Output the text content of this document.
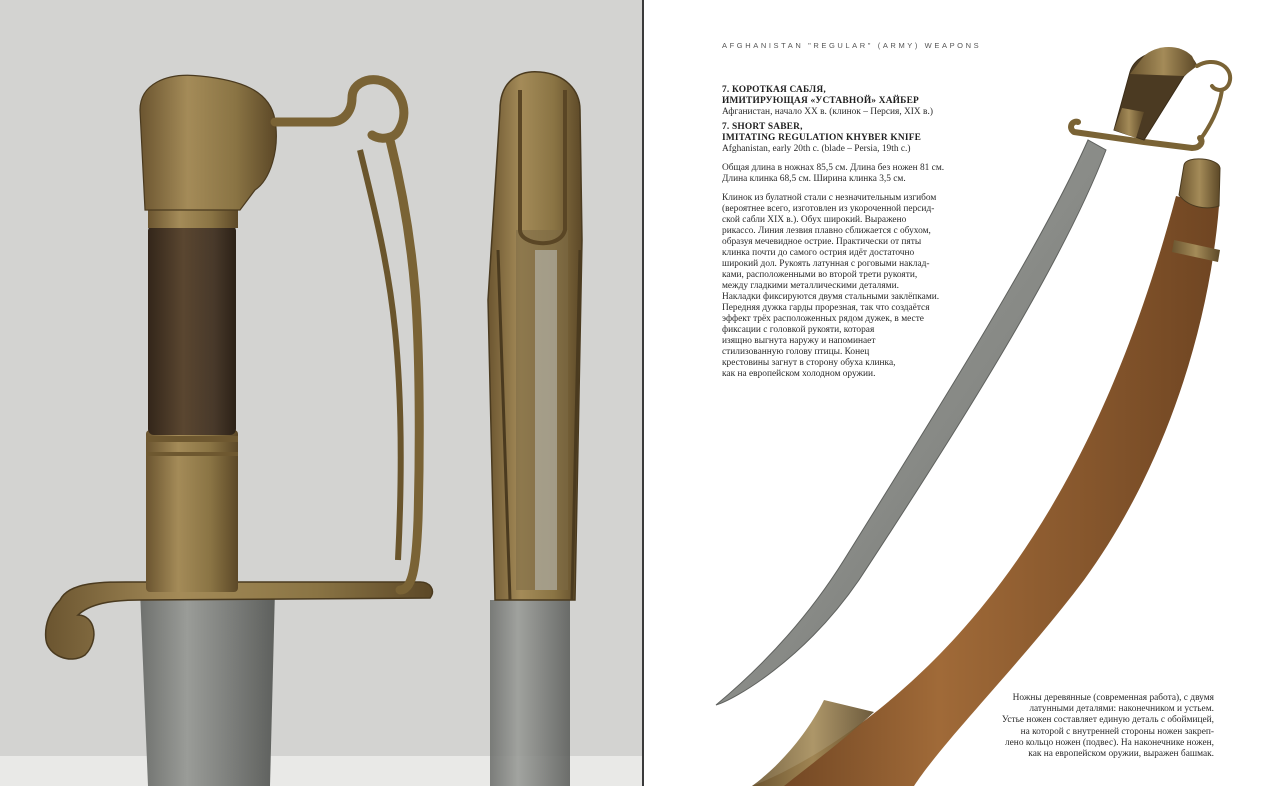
AFGHANISTAN "REGULAR" (ARMY) WEAPONS

7. КОРОТКАЯ САБЛЯ,

ИМИТИРУЮЩАЯ «УСТАВНОЙ» ХАЙБЕР

Афганистан, начало XX в. (клинок – Персия, XIX в.)

7. SHORT SABER,

IMITATING REGULATION KHYBER KNIFE

Afghanistan, early 20th c. (blade – Persia, 19th c.)

Общая длина в ножнах 85,5 см. Длина без ножен 81 см.

Длина клинка 68,5 см. Ширина клинка 3,5 см.

Клинок из булатной стали с незначительным изгибом

(вероятнее всего, изготовлен из укороченной персид-

ской сабли XIX в.). Обух широкий. Выражено

рикассо. Линия лезвия плавно сближается с обухом,

образуя мечевидное острие. Практически от пяты

клинка почти до самого острия идёт достаточно

широкий дол. Рукоять латунная с роговыми наклад-

ками, расположенными во второй трети рукояти,

между гладкими металлическими деталями.

Накладки фиксируются двумя стальными заклёпками.

Передняя дужка гарды прорезная, так что создаётся

эффект трёх расположенных рядом дужек, в месте

фиксации с головкой рукояти, которая

изящно выгнута наружу и напоминает

стилизованную голову птицы. Конец

крестовины загнут в сторону обуха клинка,

как на европейском холодном оружии.

Ножны деревянные (современная работа), с двумя

латунными деталями: наконечником и устьем.

Устье ножен составляет единую деталь с обоймицей,

на которой с внутренней стороны ножен закреп-

лено кольцо ножен (подвес). На наконечнике ножен,

как на европейском оружии, выражен башмак.
